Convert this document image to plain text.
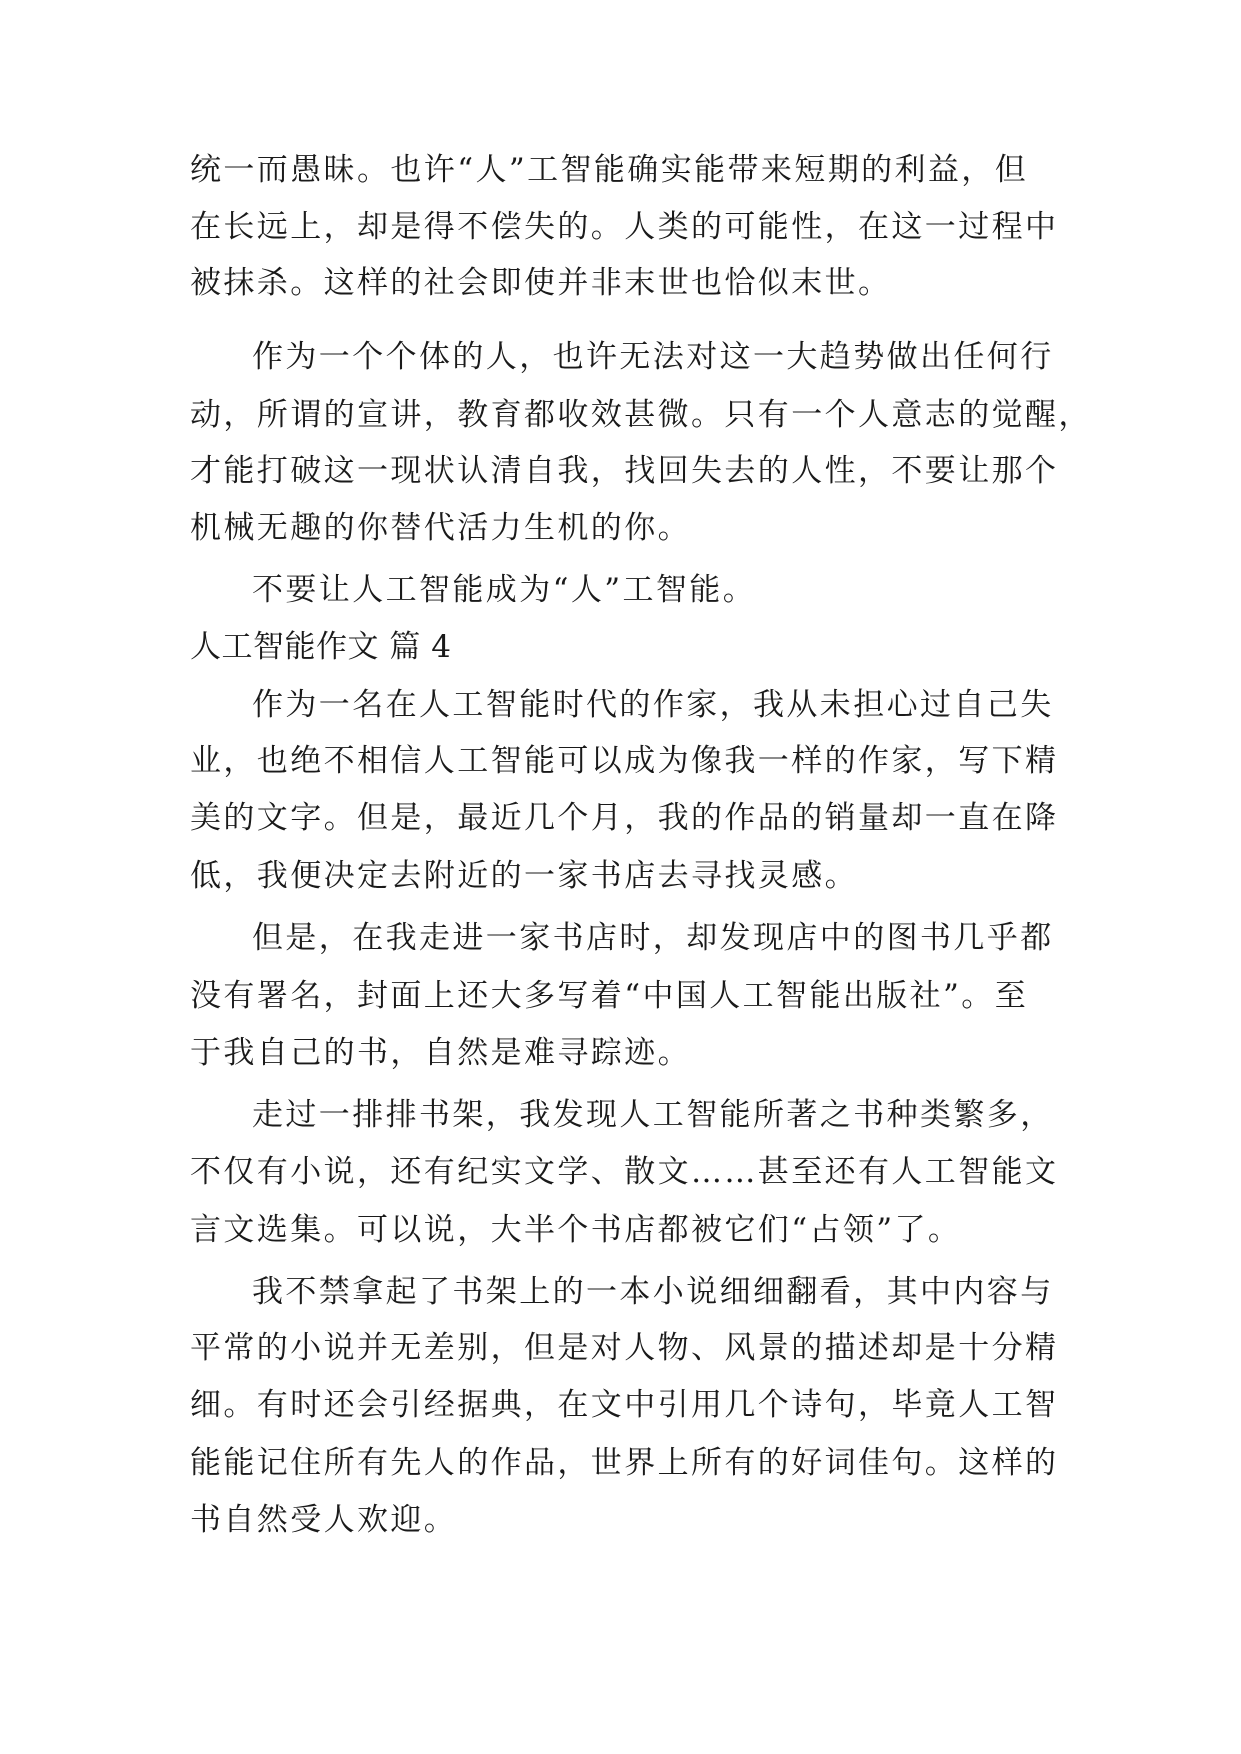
统一而愚昧。也许“人”工智能确实能带来短期的利益，但
在长远上，却是得不偿失的。人类的可能性，在这一过程中
被抹杀。这样的社会即使并非末世也恰似末世。
作为一个个体的人，也许无法对这一大趋势做出任何行
动，所谓的宣讲，教育都收效甚微。只有一个人意志的觉醒，
才能打破这一现状认清自我，找回失去的人性，不要让那个
机械无趣的你替代活力生机的你。
不要让人工智能成为“人”工智能。
人工智能作文 篇 4
作为一名在人工智能时代的作家，我从未担心过自己失
业，也绝不相信人工智能可以成为像我一样的作家，写下精
美的文字。但是，最近几个月，我的作品的销量却一直在降
低，我便决定去附近的一家书店去寻找灵感。
但是，在我走进一家书店时，却发现店中的图书几乎都
没有署名，封面上还大多写着“中国人工智能出版社”。至
于我自己的书，自然是难寻踪迹。
走过一排排书架，我发现人工智能所著之书种类繁多，
不仅有小说，还有纪实文学、散文……甚至还有人工智能文
言文选集。可以说，大半个书店都被它们“占领”了。
我不禁拿起了书架上的一本小说细细翻看，其中内容与
平常的小说并无差别，但是对人物、风景的描述却是十分精
细。有时还会引经据典，在文中引用几个诗句，毕竟人工智
能能记住所有先人的作品，世界上所有的好词佳句。这样的
书自然受人欢迎。
